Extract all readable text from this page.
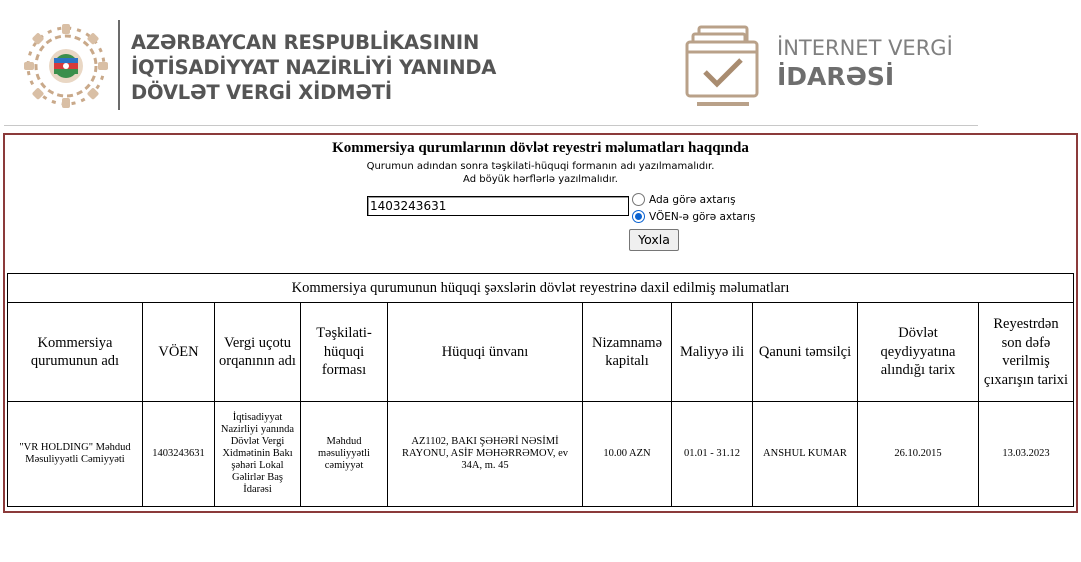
AZƏRBAYCAN RESPUBLİKASININ
İQTİSADİYYAT NAZİRLİYİ YANINDA
DÖVLƏT VERGİ XİDMƏTİ
İNTERNET VERGİ
İDARƏSİ
Kommersiya qurumlarının dövlət reyestri məlumatları haqqında
Qurumun adından sonra təşkilati-hüquqi formanın adı yazılmamalıdır.
Ad böyük hərflərlə yazılmalıdır.
1403243631	Ada görə axtarış
VÖEN-ə görə axtarış
Yoxla
Kommersiya qurumunun hüquqi şəxslərin dövlət reyestrinə daxil edilmiş məlumatları									
Kommersiya qurumunun adı	VÖEN	Vergi uçotu orqanının adı	Təşkilati-hüquqi forması	Hüquqi ünvanı	Nizamnamə kapitalı	Maliyyə ili	Qanuni təmsilçi	Dövlət qeydiyyatına alındığı tarix	Reyestrdən son dəfə verilmiş çıxarışın tarixi
"VR HOLDING" Məhdud Məsuliyyətli Cəmiyyəti	1403243631	İqtisadiyyat Nazirliyi yanında Dövlət Vergi Xidmətinin Bakı şəhəri Lokal Gəlirlər Baş İdarəsi	Məhdud məsuliyyətli cəmiyyət	AZ1102, BAKI ŞƏHƏRİ NƏSİMİ RAYONU, ASİF MƏHƏRRƏMOV, ev 34A, m. 45	10.00 AZN	01.01 - 31.12	ANSHUL KUMAR	26.10.2015	13.03.2023
